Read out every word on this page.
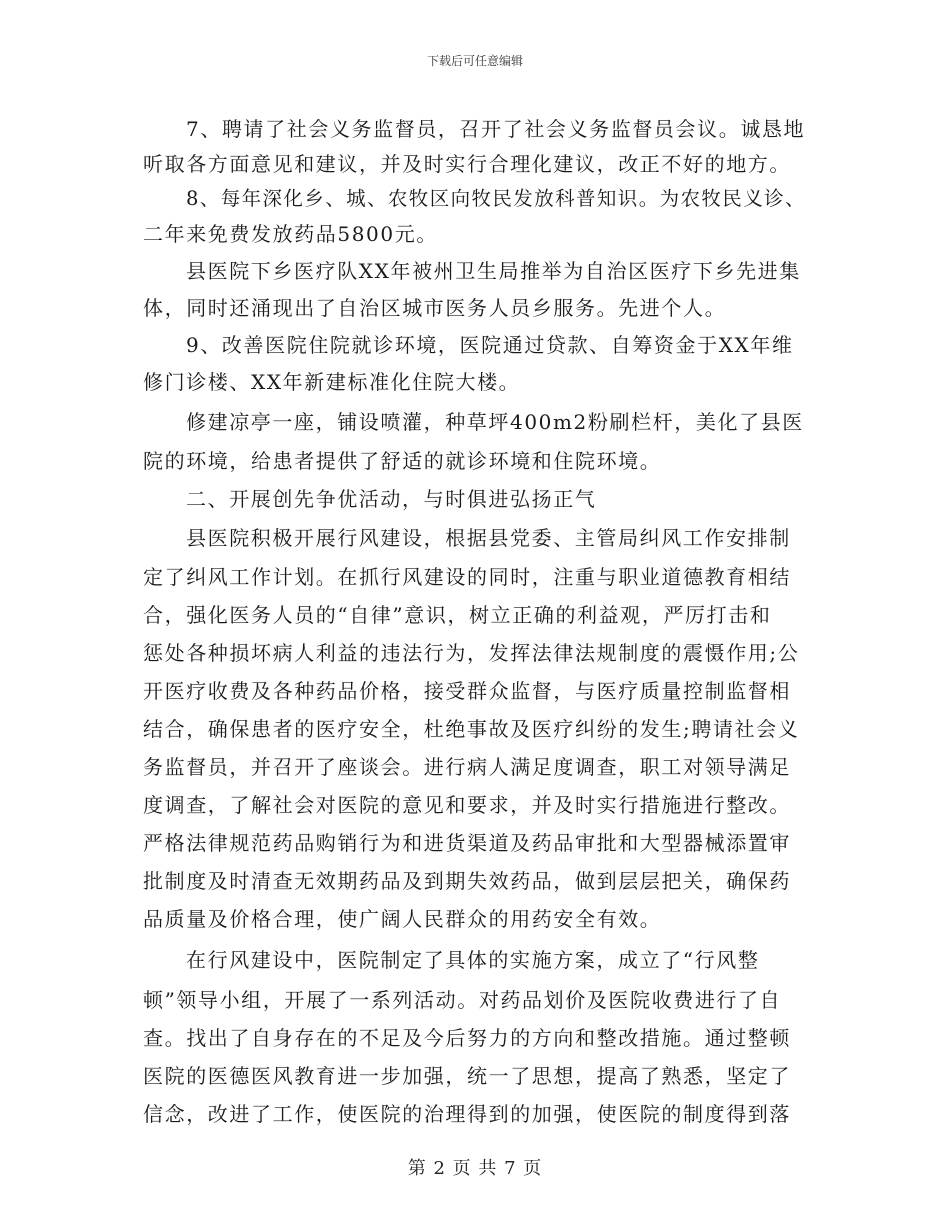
下载后可任意编辑
7、聘请了社会义务监督员，召开了社会义务监督员会议。诚恳地
听取各方面意见和建议，并及时实行合理化建议，改正不好的地方。
8、每年深化乡、城、农牧区向牧民发放科普知识。为农牧民义诊、
二年来免费发放药品5800元。
县医院下乡医疗队XX年被州卫生局推举为自治区医疗下乡先进集
体，同时还涌现出了自治区城市医务人员乡服务。先进个人。
9、改善医院住院就诊环境，医院通过贷款、自筹资金于XX年维
修门诊楼、XX年新建标准化住院大楼。
修建凉亭一座，铺设喷灌，种草坪400m2粉刷栏杆，美化了县医
院的环境，给患者提供了舒适的就诊环境和住院环境。
二、开展创先争优活动，与时俱进弘扬正气
县医院积极开展行风建设，根据县党委、主管局纠风工作安排制
定了纠风工作计划。在抓行风建设的同时，注重与职业道德教育相结
合，强化医务人员的“自律”意识，树立正确的利益观，严厉打击和
惩处各种损坏病人利益的违法行为，发挥法律法规制度的震慑作用;公
开医疗收费及各种药品价格，接受群众监督，与医疗质量控制监督相
结合，确保患者的医疗安全，杜绝事故及医疗纠纷的发生;聘请社会义
务监督员，并召开了座谈会。进行病人满足度调查，职工对领导满足
度调查，了解社会对医院的意见和要求，并及时实行措施进行整改。
严格法律规范药品购销行为和进货渠道及药品审批和大型器械添置审
批制度及时清查无效期药品及到期失效药品，做到层层把关，确保药
品质量及价格合理，使广阔人民群众的用药安全有效。
在行风建设中，医院制定了具体的实施方案，成立了“行风整
顿”领导小组，开展了一系列活动。对药品划价及医院收费进行了自
查。找出了自身存在的不足及今后努力的方向和整改措施。通过整顿
医院的医德医风教育进一步加强，统一了思想，提高了熟悉，坚定了
信念，改进了工作，使医院的治理得到的加强，使医院的制度得到落
第 2 页 共 7 页
